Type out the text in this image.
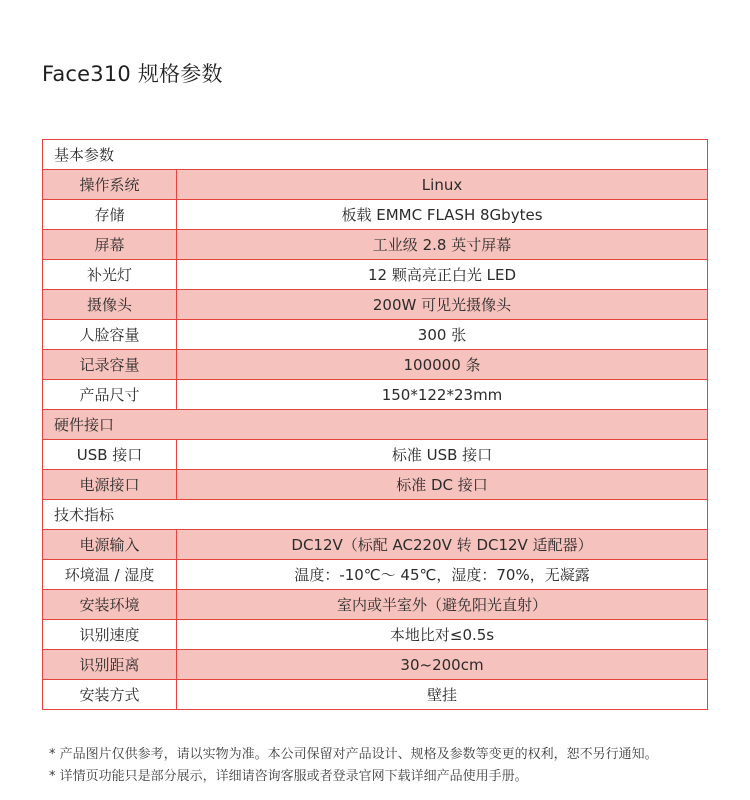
Face310 规格参数
基本参数	
操作系统	Linux
存储	板载 EMMC FLASH 8Gbytes
屏幕	工业级 2.8 英寸屏幕
补光灯	12 颗高亮正白光 LED
摄像头	200W 可见光摄像头
人脸容量	300 张
记录容量	100000 条
产品尺寸	150*122*23mm
硬件接口	
USB 接口	标准 USB 接口
电源接口	标准 DC 接口
技术指标	
电源输入	DC12V（标配 AC220V 转 DC12V 适配器）
环境温 / 湿度	温度：-10℃～ 45℃，湿度：70%，无凝露
安装环境	室内或半室外（避免阳光直射）
识别速度	本地比对≤0.5s
识别距离	30~200cm
安装方式	壁挂
* 产品图片仅供参考，请以实物为准。本公司保留对产品设计、规格及参数等变更的权利，恕不另行通知。
* 详情页功能只是部分展示，详细请咨询客服或者登录官网下载详细产品使用手册。
